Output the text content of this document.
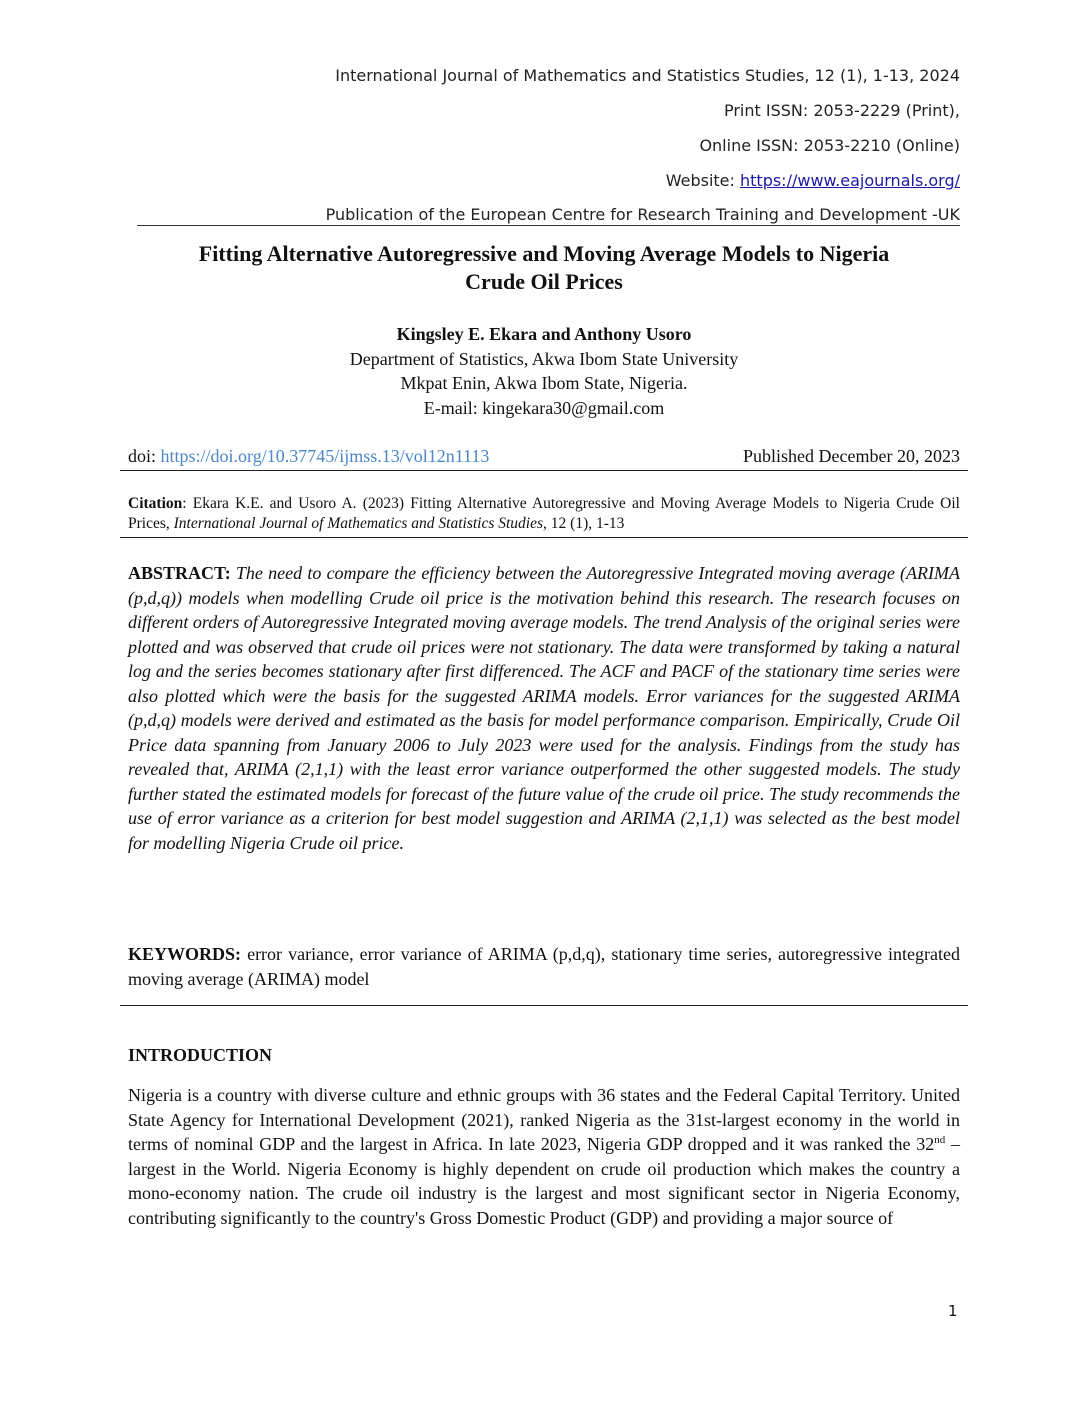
International Journal of Mathematics and Statistics Studies, 12 (1), 1-13, 2024
Print ISSN: 2053-2229 (Print),
Online ISSN: 2053-2210 (Online)
Website: https://www.eajournals.org/
Publication of the European Centre for Research Training and Development -UK
Fitting Alternative Autoregressive and Moving Average Models to Nigeria
Crude Oil Prices
Kingsley E. Ekara and Anthony Usoro
Department of Statistics, Akwa Ibom State University
Mkpat Enin, Akwa Ibom State, Nigeria.
E-mail: kingekara30@gmail.com
doi: https://doi.org/10.37745/ijmss.13/vol12n1113	Published December 20, 2023
Citation: Ekara K.E. and Usoro A. (2023) Fitting Alternative Autoregressive and Moving Average Models to Nigeria Crude Oil Prices, International Journal of Mathematics and Statistics Studies, 12 (1), 1-13
ABSTRACT: The need to compare the efficiency between the Autoregressive Integrated moving average (ARIMA (p,d,q)) models when modelling Crude oil price is the motivation behind this research. The research focuses on different orders of Autoregressive Integrated moving average models. The trend Analysis of the original series were plotted and was observed that crude oil prices were not stationary. The data were transformed by taking a natural log and the series becomes stationary after first differenced. The ACF and PACF of the stationary time series were also plotted which were the basis for the suggested ARIMA models. Error variances for the suggested ARIMA (p,d,q) models were derived and estimated as the basis for model performance comparison. Empirically, Crude Oil Price data spanning from January 2006 to July 2023 were used for the analysis. Findings from the study has revealed that, ARIMA (2,1,1) with the least error variance outperformed the other suggested models. The study further stated the estimated models for forecast of the future value of the crude oil price. The study recommends the use of error variance as a criterion for best model suggestion and ARIMA (2,1,1) was selected as the best model for modelling Nigeria Crude oil price.
KEYWORDS: error variance, error variance of ARIMA (p,d,q), stationary time series, autoregressive integrated moving average (ARIMA) model
INTRODUCTION
Nigeria is a country with diverse culture and ethnic groups with 36 states and the Federal Capital Territory. United State Agency for International Development (2021), ranked Nigeria as the 31st-largest economy in the world in terms of nominal GDP and the largest in Africa. In late 2023, Nigeria GDP dropped and it was ranked the 32nd – largest in the World. Nigeria Economy is highly dependent on crude oil production which makes the country a mono-economy nation. The crude oil industry is the largest and most significant sector in Nigeria Economy, contributing significantly to the country's Gross Domestic Product (GDP) and providing a major source of
1
